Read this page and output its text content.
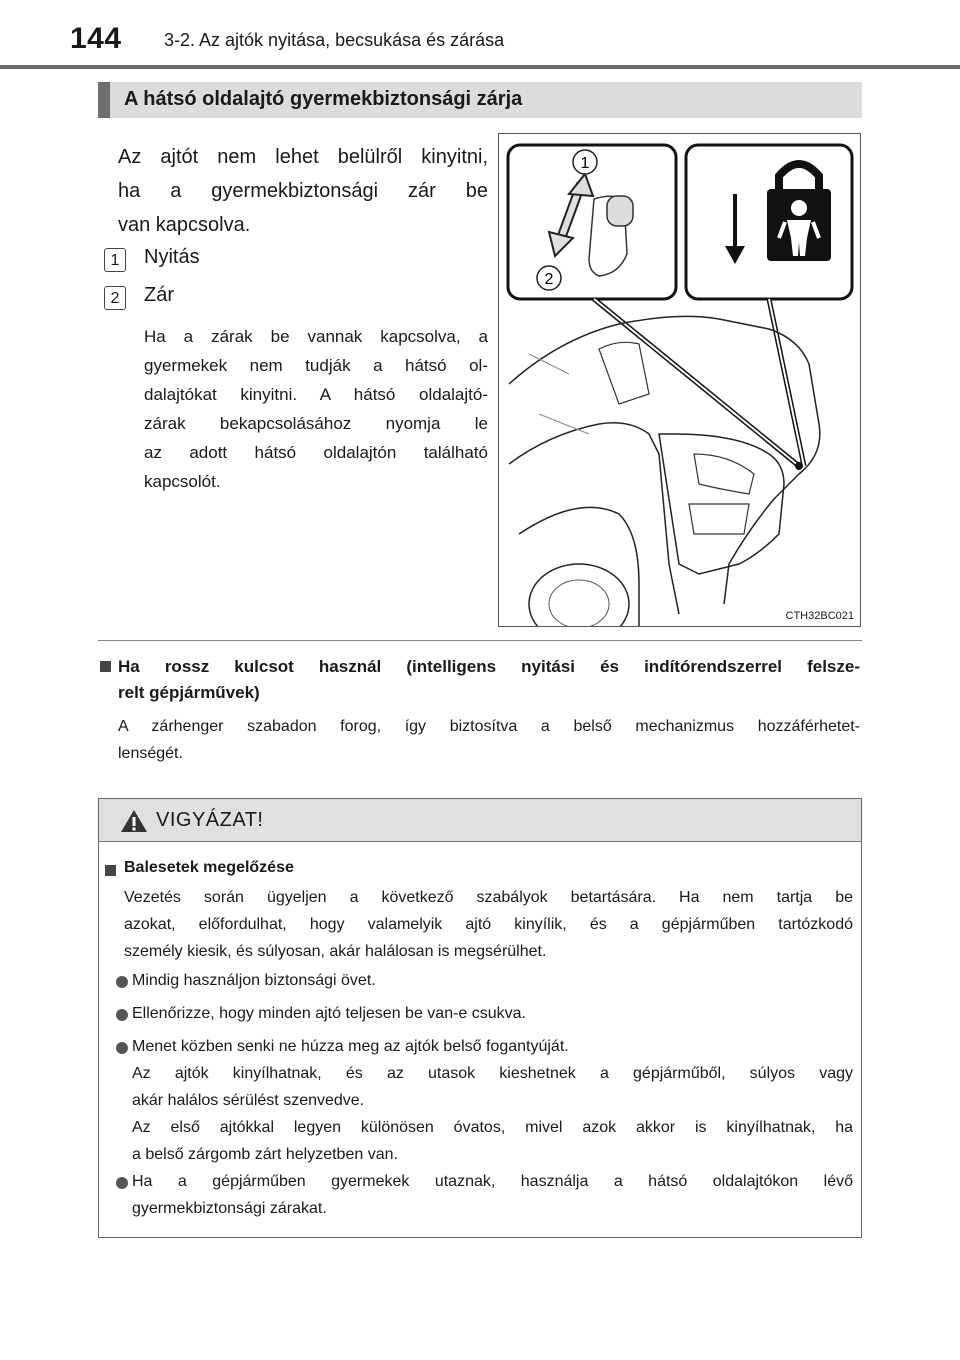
144 3-2. Az ajtók nyitása, becsukása és zárása
A hátsó oldalajtó gyermekbiztonsági zárja
Az ajtót nem lehet belülről kinyitni,
ha a gyermekbiztonsági zár be
van kapcsolva.
1	Nyitás
2	Zár
Ha a zárak be vannak kapcsolva, a
gyermekek nem tudják a hátsó ol-
dalajtókat kinyitni. A hátsó oldalajtó-
zárak bekapcsolásához nyomja le
az adott hátsó oldalajtón található
kapcsolót.
1
2
CTH32BC021
Ha rossz kulcsot használ (intelligens nyitási és indítórendszerrel felsze-
relt gépjárművek)
A zárhenger szabadon forog, így biztosítva a belső mechanizmus hozzáférhetet-
lenségét.
VIGYÁZAT!
Balesetek megelőzése
Vezetés során ügyeljen a következő szabályok betartására. Ha nem tartja be
azokat, előfordulhat, hogy valamelyik ajtó kinyílik, és a gépjárműben tartózkodó
személy kiesik, és súlyosan, akár halálosan is megsérülhet.
Mindig használjon biztonsági övet.
Ellenőrizze, hogy minden ajtó teljesen be van-e csukva.
Menet közben senki ne húzza meg az ajtók belső fogantyúját.
Az ajtók kinyílhatnak, és az utasok kieshetnek a gépjárműből, súlyos vagy
akár halálos sérülést szenvedve.
Az első ajtókkal legyen különösen óvatos, mivel azok akkor is kinyílhatnak, ha
a belső zárgomb zárt helyzetben van.
Ha a gépjárműben gyermekek utaznak, használja a hátsó oldalajtókon lévő
gyermekbiztonsági zárakat.
